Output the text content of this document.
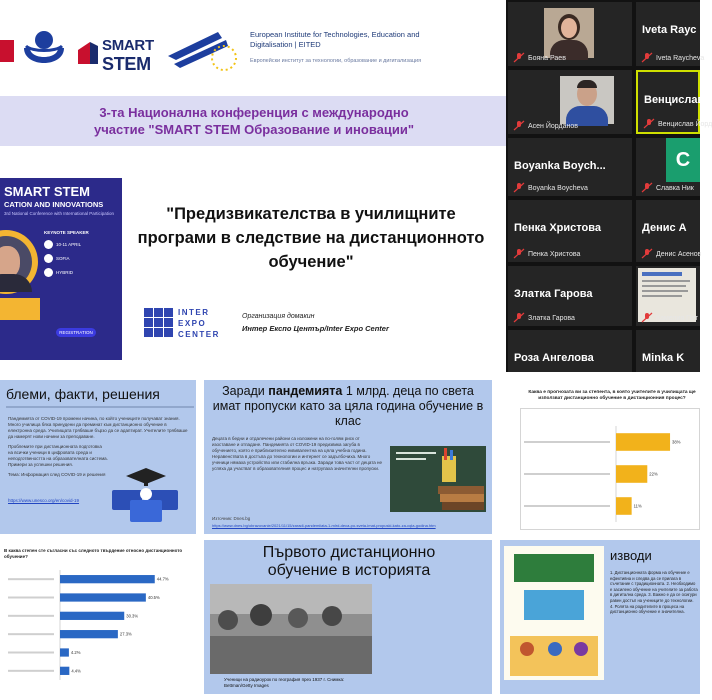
SMART
STEM
European Institute for Technologies, Education and Digitalisation | EITED
Европейски институт за технологии, образование и дигитализация
3-та Национална конференция с международно
участие "SMART STEM Образование и иновации"
SMART STEM
CATION AND INNOVATIONS
3rd National Conference with International Participation
KEYNOTE SPEAKER
10-11 APRIL
SOFIA
HYBRID
REGISTRATION
"Предизвикателства в училищните програми в следствие на дистанционното обучение"
INTER
EXPO
CENTER
Организация домакин
Интер Експо Център/Inter Expo Center
Бояна Раев
Iveta Rayc
Iveta Raycheva
Асен Йорданов
Венцислав
Венцислав Йорд
Boyanka Boych...
Boyanka Boycheva	Славка Ник
С
Пенка Христова
Пенка Христова
Денис А
Денис Асенов
Златка Гарова
Златка Гарова	Камелия Пет
Роза Ангелова	Minka K
блеми, факти, решения

Пандемията от COVID-19 промени начина, по който учениците получават знания. Много училища бяха принудени да преминат към дистанционно обучение в електронна среда. Училищата трябваше бързо да се адаптират. Учителите трябваше да намерят нови начини за преподаване.

Проблемите при дистанционната подготовка на всички ученици в цифровата среда и неподготвеността на образователната система. Примери за успешни решения.

Тема: Информация след COVID-19 и решения

https://www.unesco.org/en/covid-19
Заради пандемията 1 млрд. деца по света имат пропуски като за цяла година обучение в клас
Децата в бедни и отдалечени райони са изложени на по-голям риск от изоставане и отпадане. Пандемията от COVID-19 предизвика загуба в обучението, която е приблизително еквивалентна на цяла учебна година. Неравенствата в достъпа до технологии и интернет се задълбочиха. Много ученици нямаха устройство или стабилна връзка. Заради това част от децата не успяха да участват в образователния процес и натрупаха значителни пропуски.
Източник: Dnes.bg
https://www.dnes.bg/obrazovanie/2021/11/15/zaradi-pandemiiata-1-mlrd-deca-po-sveta-imat-propuski-kato-za-cqla-godina.htm
Каква е прогнозата ви за степента, в която учителите в училищата ще използват дистанционно обучение в дистанционния процес?
38%
22%
11%
В каква степен сте съгласни със следното твърдение относно дистанционното обучение?
44.7%
40.5%
30.3%
27.3%
4.2%
4.4%
Първото дистанционно обучение в историята
Ученици на радиоурок по география през 1937 г. Снимка: Bettman/Getty Images
изводи
1. Дистанционната форма на обучение е ефективна и следва да се прилага в съчетание с традиционната. 2. Необходимо е засилено обучение на учителите за работа в дигитална среда. 3. Важно е да се осигури равен достъп на учениците до технологии. 4. Ролята на родителите в процеса на дистанционно обучение е значителна.
